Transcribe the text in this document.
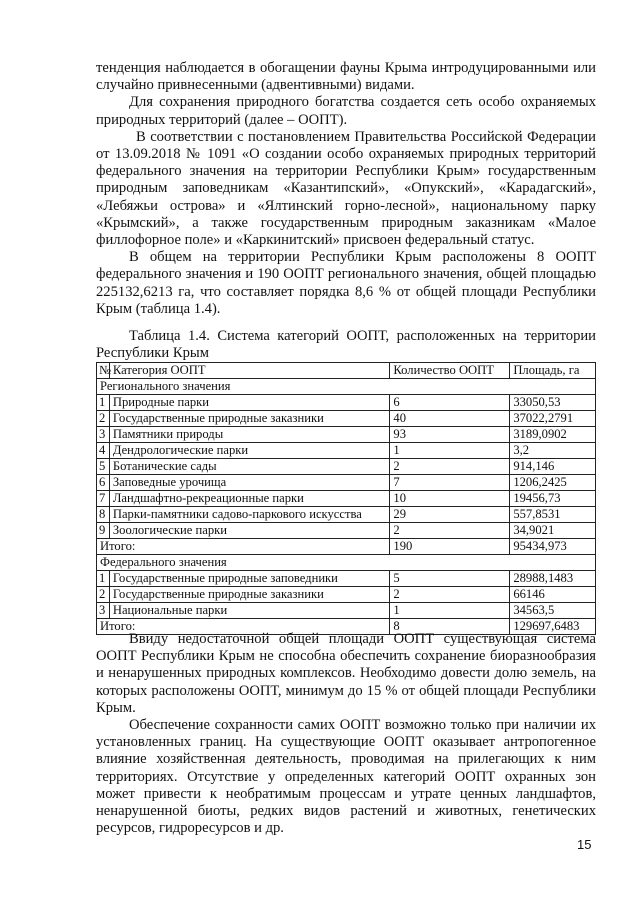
тенденция наблюдается в обогащении фауны Крыма интродуцированными или случайно привнесенными (адвентивными) видами.

Для сохранения природного богатства создается сеть особо охраняемых природных территорий (далее – ООПТ).

В соответствии с постановлением Правительства Российской Федерации от 13.09.2018 № 1091 «О создании особо охраняемых природных территорий федерального значения на территории Республики Крым» государственным природным заповедникам «Казантипский», «Опукский», «Карадагский», «Лебяжьи острова» и «Ялтинский горно-лесной», национальному парку «Крымский», а также государственным природным заказникам «Малое филлофорное поле» и «Каркинитский» присвоен федеральный статус.

В общем на территории Республики Крым расположены 8 ООПТ федерального значения и 190 ООПТ регионального значения, общей площадью 225132,6213 га, что составляет порядка 8,6 % от общей площади Республики Крым (таблица 1.4).

Таблица 1.4. Система категорий ООПТ, расположенных на территории Республики Крым

№	Категория ООПТ	Количество ООПТ	Площадь, га
Регионального значения			
1	Природные парки	6	33050,53
2	Государственные природные заказники	40	37022,2791
3	Памятники природы	93	3189,0902
4	Дендрологические парки	1	3,2
5	Ботанические сады	2	914,146
6	Заповедные урочища	7	1206,2425
7	Ландшафтно-рекреационные парки	10	19456,73
8	Парки-памятники садово-паркового искусства	29	557,8531
9	Зоологические парки	2	34,9021
Итого:		190	95434,973
Федерального значения			
1	Государственные природные заповедники	5	28988,1483
2	Государственные природные заказники	2	66146
3	Национальные парки	1	34563,5
Итого:		8	129697,6483

Ввиду недостаточной общей площади ООПТ существующая система ООПТ Республики Крым не способна обеспечить сохранение биоразнообразия и ненарушенных природных комплексов. Необходимо довести долю земель, на которых расположены ООПТ, минимум до 15 % от общей площади Республики Крым.

Обеспечение сохранности самих ООПТ возможно только при наличии их установленных границ. На существующие ООПТ оказывает антропогенное влияние хозяйственная деятельность, проводимая на прилегающих к ним территориях. Отсутствие у определенных категорий ООПТ охранных зон может привести к необратимым процессам и утрате ценных ландшафтов, ненарушенной биоты, редких видов растений и животных, генетических ресурсов, гидроресурсов и др.

15
